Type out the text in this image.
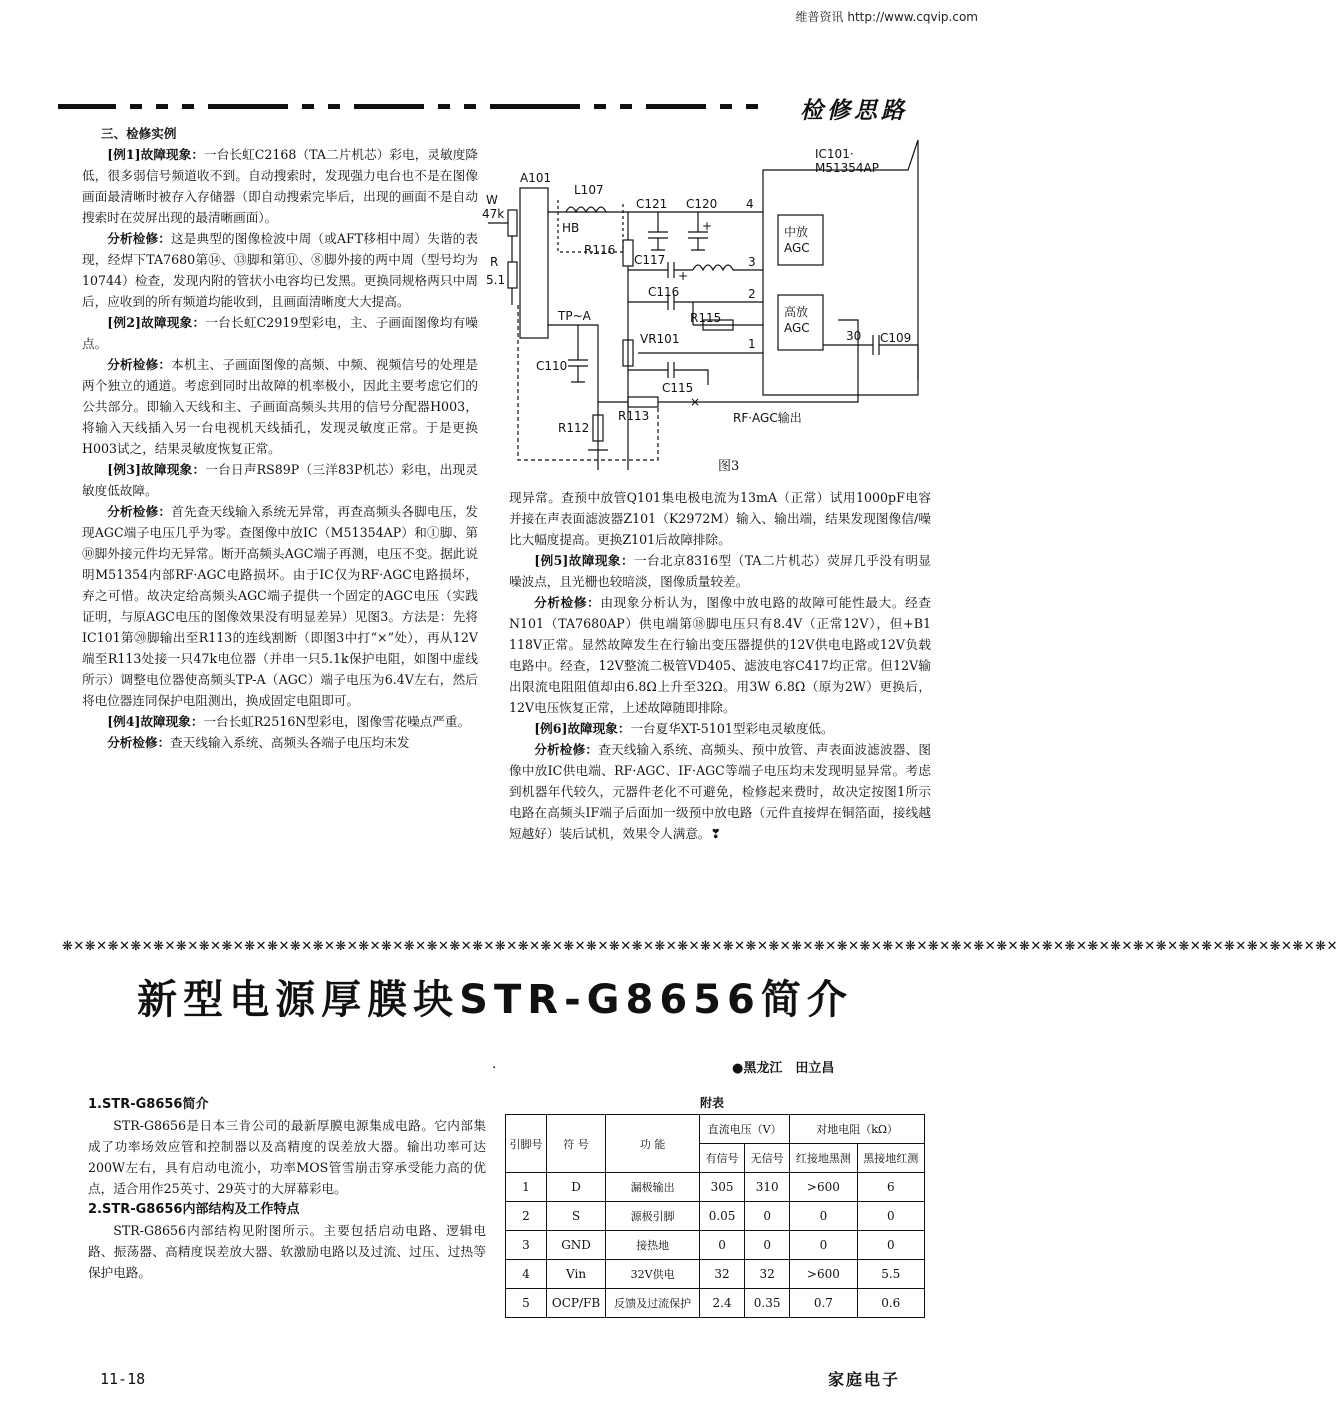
维普资讯 http://www.cqvip.com
检修思路

三、检修实例

[例1]故障现象：一台长虹C2168（TA二片机芯）彩电，灵敏度降低，很多弱信号频道收不到。自动搜索时，发现强力电台也不是在图像画面最清晰时被存入存储器（即自动搜索完毕后，出现的画面不是自动搜索时在荧屏出现的最清晰画面）。

分析检修：这是典型的图像检波中周（或AFT移相中周）失谐的表现，经焊下TA7680第⑭、⑬脚和第⑪、⑧脚外接的两中周（型号均为10744）检查，发现内附的管状小电容均已发黑。更换同规格两只中周后，应收到的所有频道均能收到，且画面清晰度大大提高。

[例2]故障现象：一台长虹C2919型彩电，主、子画面图像均有噪点。

分析检修：本机主、子画面图像的高频、中频、视频信号的处理是两个独立的通道。考虑到同时出故障的机率极小，因此主要考虑它们的公共部分。即输入天线和主、子画面高频头共用的信号分配器H003，将输入天线插入另一台电视机天线插孔，发现灵敏度正常。于是更换H003试之，结果灵敏度恢复正常。

[例3]故障现象：一台日声RS89P（三洋83P机芯）彩电，出现灵敏度低故障。

分析检修：首先查天线输入系统无异常，再查高频头各脚电压，发现AGC端子电压几乎为零。查图像中放IC（M51354AP）和①脚、第⑩脚外接元件均无异常。断开高频头AGC端子再测，电压不变。据此说明M51354内部RF·AGC电路损坏。由于IC仅为RF·AGC电路损坏，弃之可惜。故决定给高频头AGC端子提供一个固定的AGC电压（实践证明，与原AGC电压的图像效果没有明显差异）见图3。方法是：先将IC101第⑳脚输出至R113的连线割断（即图3中打“×”处），再从12V端至R113处接一只47k电位器（并串一只5.1k保护电阻，如图中虚线所示）调整电位器使高频头TP-A（AGC）端子电压为6.4V左右，然后将电位器连同保护电阻测出，换成固定电阻即可。

[例4]故障现象：一台长虹R2516N型彩电，图像雪花噪点严重。

分析检修：查天线输入系统、高频头各端子电压均未发

现异常。查预中放管Q101集电极电流为13mA（正常）试用1000pF电容并接在声表面滤波器Z101（K2972M）输入、输出端，结果发现图像信/噪比大幅度提高。更换Z101后故障排除。

[例5]故障现象：一台北京8316型（TA二片机芯）荧屏几乎没有明显噪波点，且光栅也较暗淡，图像质量较差。

分析检修：由现象分析认为，图像中放电路的故障可能性最大。经查N101（TA7680AP）供电端第⑱脚电压只有8.4V（正常12V），但+B1 118V正常。显然故障发生在行输出变压器提供的12V供电电路或12V负载电路中。经查，12V整流二极管VD405、滤波电容C417均正常。但12V输出限流电阻阻值却由6.8Ω上升至32Ω。用3W 6.8Ω（原为2W）更换后，12V电压恢复正常，上述故障随即排除。

[例6]故障现象：一台夏华XT-5101型彩电灵敏度低。

分析检修：查天线输入系统、高频头、预中放管、声表面波滤波器、图像中放IC供电端、RF·AGC、IF·AGC等端子电压均未发现明显异常。考虑到机器年代较久，元器件老化不可避免，检修起来费时，故决定按图1所示电路在高频头IF端子后面加一级预中放电路（元件直接焊在铜箔面，接线越短越好）装后试机，效果令人满意。❣

IC101·
M51354AP
A101
L107
C121 C120
HB
R116
C117
C116
R115
TP~A
VR101
C110
C115
R113
R112
C109
中放 AGC
高放 AGC
W
47k
R
5.1
4
3
2
1
30
RF·AGC输出
+
+
×
图3
❋✕❋✕❋✕❋✕❋✕❋✕❋✕❋✕❋✕❋✕❋✕❋✕❋✕❋✕❋✕❋✕❋✕❋✕❋✕❋✕❋✕❋✕❋✕❋✕❋✕❋✕❋✕❋✕❋✕❋✕❋✕❋✕❋✕❋✕❋✕❋✕❋✕❋✕❋✕❋✕❋✕❋✕❋✕❋✕❋✕❋✕❋✕❋✕❋✕❋✕❋✕❋✕❋✕❋✕❋✕❋✕
新型电源厚膜块STR-G8656简介
·	●黑龙江　田立昌
1.STR-G8656简介

STR-G8656是日本三肯公司的最新厚膜电源集成电路。它内部集成了功率场效应管和控制器以及高精度的误差放大器。输出功率可达200W左右，具有启动电流小，功率MOS管雪崩击穿承受能力高的优点，适合用作25英寸、29英寸的大屏幕彩电。

2.STR-G8656内部结构及工作特点

STR-G8656内部结构见附图所示。主要包括启动电路、逻辑电路、振荡器、高精度误差放大器、软激励电路以及过流、过压、过热等保护电路。

附表
引脚号	符 号	功 能	直流电压（V）		对地电阻（kΩ）	
			有信号	无信号	红接地黑测	黑接地红测
1	D	漏极输出	305	310	>600	6
2	S	源极引脚	0.05	0	0	0
3	GND	接热地	0	0	0	0
4	Vin	32V供电	32	32	>600	5.5
5	OCP/FB	反馈及过流保护	2.4	0.35	0.7	0.6
11-18	家庭电子
